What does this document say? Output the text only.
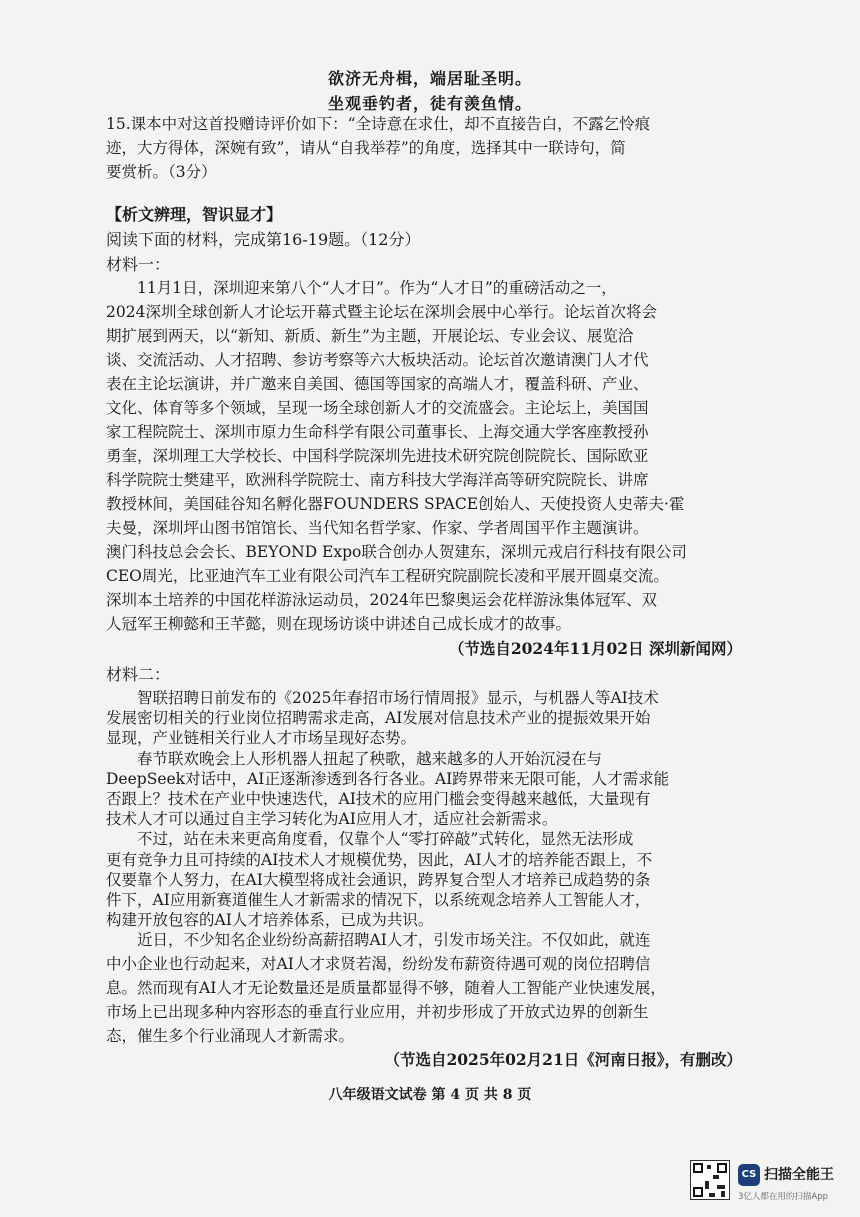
欲济无舟楫，端居耻圣明。
坐观垂钓者，徒有羡鱼情。
15.课本中对这首投赠诗评价如下：“全诗意在求仕，却不直接告白，不露乞怜痕
迹，大方得体，深婉有致”，请从“自我举荐”的角度，选择其中一联诗句，简
要赏析。（3分）
【析文辨理，智识显才】
阅读下面的材料，完成第16-19题。（12分）
材料一：
　　11月1日，深圳迎来第八个“人才日”。作为“人才日”的重磅活动之一，
2024深圳全球创新人才论坛开幕式暨主论坛在深圳会展中心举行。论坛首次将会
期扩展到两天，以“新知、新质、新生”为主题，开展论坛、专业会议、展览洽
谈、交流活动、人才招聘、参访考察等六大板块活动。论坛首次邀请澳门人才代
表在主论坛演讲，并广邀来自美国、德国等国家的高端人才，覆盖科研、产业、
文化、体育等多个领域，呈现一场全球创新人才的交流盛会。主论坛上，美国国
家工程院院士、深圳市原力生命科学有限公司董事长、上海交通大学客座教授孙
勇奎，深圳理工大学校长、中国科学院深圳先进技术研究院创院院长、国际欧亚
科学院院士樊建平，欧洲科学院院士、南方科技大学海洋高等研究院院长、讲席
教授林间，美国硅谷知名孵化器FOUNDERS SPACE创始人、天使投资人史蒂夫·霍
夫曼，深圳坪山图书馆馆长、当代知名哲学家、作家、学者周国平作主题演讲。
澳门科技总会会长、BEYOND Expo联合创办人贺建东，深圳元戎启行科技有限公司
CEO周光，比亚迪汽车工业有限公司汽车工程研究院副院长凌和平展开圆桌交流。
深圳本土培养的中国花样游泳运动员，2024年巴黎奥运会花样游泳集体冠军、双
人冠军王柳懿和王芊懿，则在现场访谈中讲述自己成长成才的故事。
（节选自2024年11月02日 深圳新闻网）
材料二：
　　智联招聘日前发布的《2025年春招市场行情周报》显示，与机器人等AI技术
发展密切相关的行业岗位招聘需求走高，AI发展对信息技术产业的提振效果开始
显现，产业链相关行业人才市场呈现好态势。
　　春节联欢晚会上人形机器人扭起了秧歌，越来越多的人开始沉浸在与
DeepSeek对话中，AI正逐渐渗透到各行各业。AI跨界带来无限可能，人才需求能
否跟上？技术在产业中快速迭代，AI技术的应用门槛会变得越来越低，大量现有
技术人才可以通过自主学习转化为AI应用人才，适应社会新需求。
　　不过，站在未来更高角度看，仅靠个人“零打碎敲”式转化，显然无法形成
更有竞争力且可持续的AI技术人才规模优势，因此，AI人才的培养能否跟上，不
仅要靠个人努力，在AI大模型将成社会通识，跨界复合型人才培养已成趋势的条
件下，AI应用新赛道催生人才新需求的情况下，以系统观念培养人工智能人才，
构建开放包容的AI人才培养体系，已成为共识。
　　近日，不少知名企业纷纷高薪招聘AI人才，引发市场关注。不仅如此，就连
中小企业也行动起来，对AI人才求贤若渴，纷纷发布薪资待遇可观的岗位招聘信
息。然而现有AI人才无论数量还是质量都显得不够，随着人工智能产业快速发展，
八年级语文试卷 第 4 页 共 8 页
CS 扫描全能王
3亿人都在用的扫描App
市场上已出现多种内容形态的垂直行业应用，并初步形成了开放式边界的创新生
态，催生多个行业涌现人才新需求。
（节选自2025年02月21日《河南日报》，有删改）
